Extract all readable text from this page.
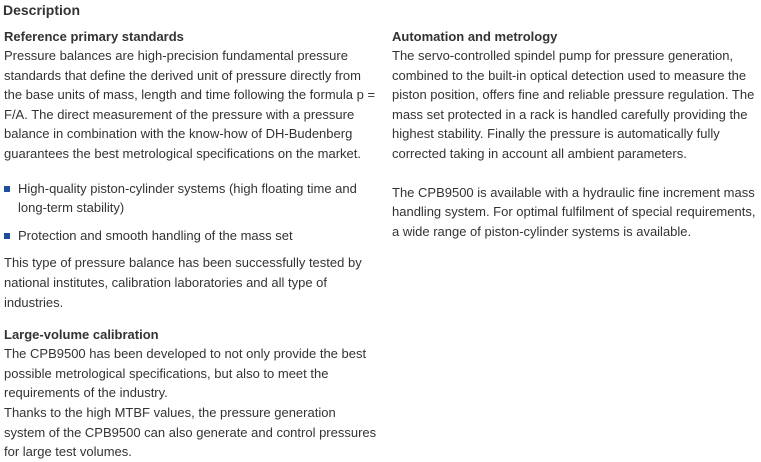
Description
Reference primary standards

Pressure balances are high-precision fundamental pressure standards that define the derived unit of pressure directly from the base units of mass, length and time following the formula p = F/A. The direct measurement of the pressure with a pressure balance in combination with the know-how of DH-Budenberg guarantees the best metrological specifications on the market.

High-quality piston-cylinder systems (high floating time and long-term stability)
Protection and smooth handling of the mass set

This type of pressure balance has been successfully tested by national institutes, calibration laboratories and all type of industries.

Large-volume calibration

The CPB9500 has been developed to not only provide the best possible metrological specifications, but also to meet the requirements of the industry.

Thanks to the high MTBF values, the pressure generation system of the CPB9500 can also generate and control pressures for large test volumes.

Automation and metrology

The servo-controlled spindel pump for pressure generation, combined to the built-in optical detection used to measure the piston position, offers fine and reliable pressure regulation. The mass set protected in a rack is handled carefully providing the highest stability. Finally the pressure is automatically fully corrected taking in account all ambient parameters.

The CPB9500 is available with a hydraulic fine increment mass handling system. For optimal fulfilment of special requirements, a wide range of piston-cylinder systems is available.
